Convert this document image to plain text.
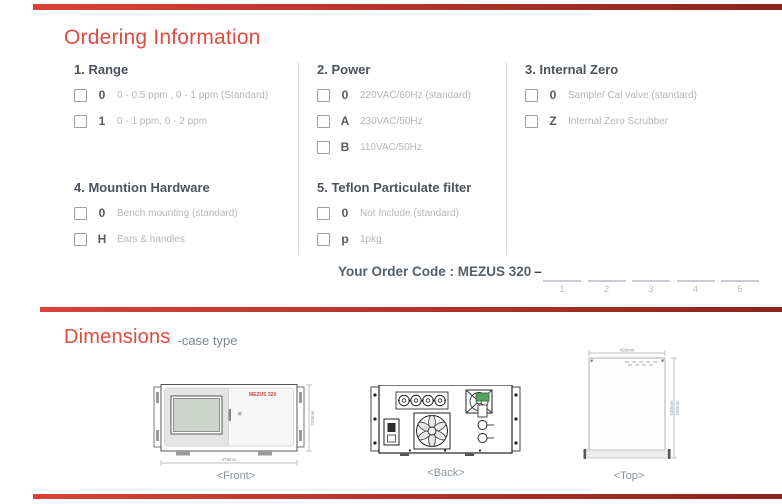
Ordering Information
1. Range
0	0 - 0.5 ppm , 0 - 1 ppm (Standard)
1	0 - 1 ppm, 0 - 2 ppm
4. Mountion Hardware
0	Bench mounting (standard)
H Ears & handles
2. Power
0	220VAC/60Hz (standard)
A 230VAC/50Hz
B 110VAC/50Hz
5. Teflon Particulate filter
0	Not Include (standard)
p	1pkg
3. Internal Zero
0	Sample/ Cal valve (standard)
Z	Internal Zero Scrubber
Your Order Code : MEZUS 320 –
1	2	3	4	5
Dimensions -case type
MEZUS 320
479mm
230mm
<Front>	<Back>
428mm
540mm 595mm
<Top>
